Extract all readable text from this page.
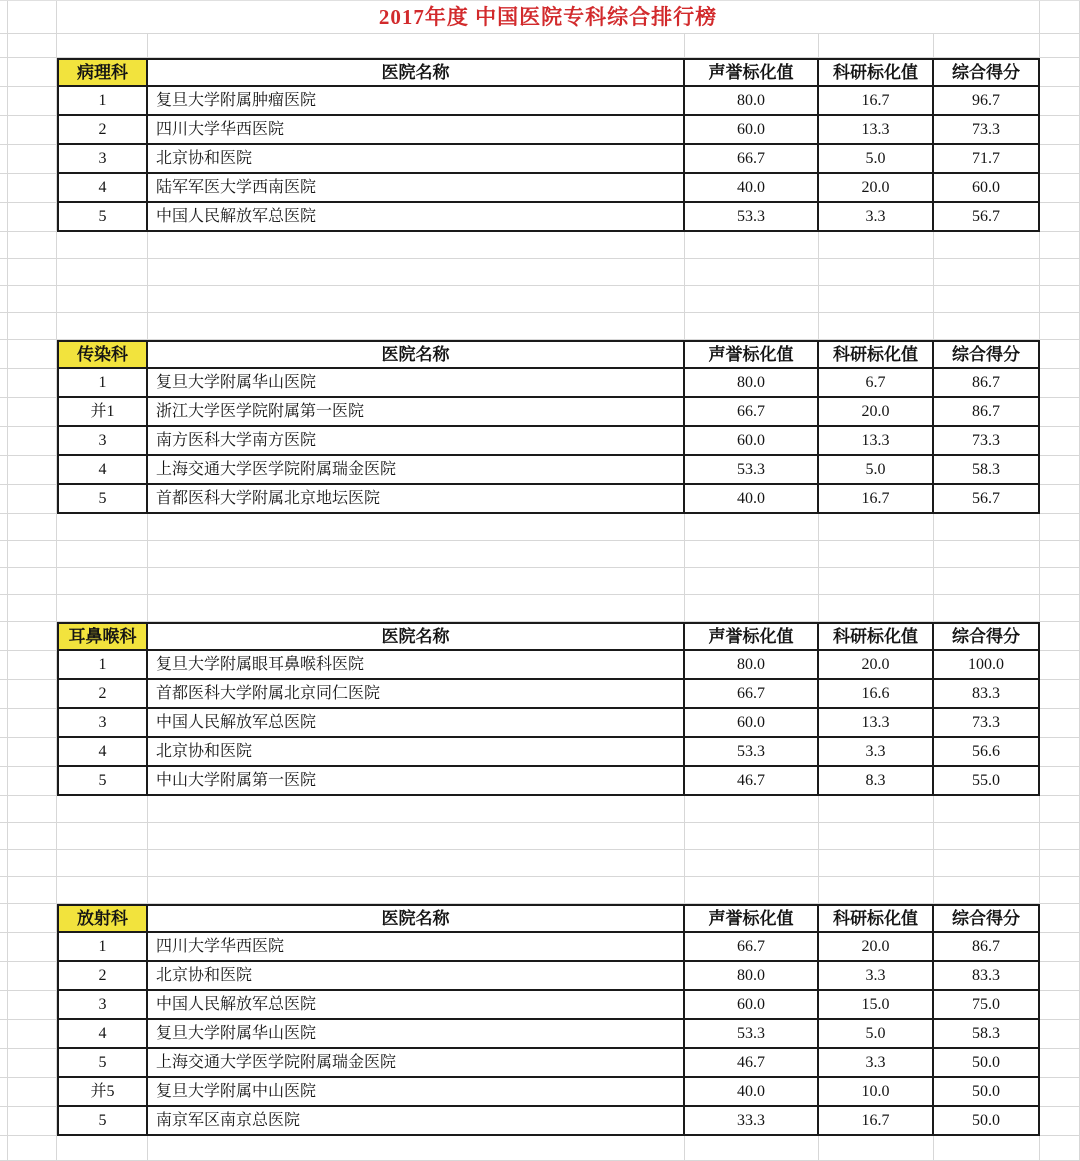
2017年度 中国医院专科综合排行榜
病理科	医院名称	声誉标化值	科研标化值	综合得分
1	复旦大学附属肿瘤医院	80.0	16.7	96.7
2	四川大学华西医院	60.0	13.3	73.3
3	北京协和医院	66.7	5.0	71.7
4	陆军军医大学西南医院	40.0	20.0	60.0
5	中国人民解放军总医院	53.3	3.3	56.7
传染科	医院名称	声誉标化值	科研标化值	综合得分
1	复旦大学附属华山医院	80.0	6.7	86.7
并1	浙江大学医学院附属第一医院	66.7	20.0	86.7
3	南方医科大学南方医院	60.0	13.3	73.3
4	上海交通大学医学院附属瑞金医院	53.3	5.0	58.3
5	首都医科大学附属北京地坛医院	40.0	16.7	56.7
耳鼻喉科	医院名称	声誉标化值	科研标化值	综合得分
1	复旦大学附属眼耳鼻喉科医院	80.0	20.0	100.0
2	首都医科大学附属北京同仁医院	66.7	16.6	83.3
3	中国人民解放军总医院	60.0	13.3	73.3
4	北京协和医院	53.3	3.3	56.6
5	中山大学附属第一医院	46.7	8.3	55.0
放射科	医院名称	声誉标化值	科研标化值	综合得分
1	四川大学华西医院	66.7	20.0	86.7
2	北京协和医院	80.0	3.3	83.3
3	中国人民解放军总医院	60.0	15.0	75.0
4	复旦大学附属华山医院	53.3	5.0	58.3
5	上海交通大学医学院附属瑞金医院	46.7	3.3	50.0
并5	复旦大学附属中山医院	40.0	10.0	50.0
5	南京军区南京总医院	33.3	16.7	50.0
